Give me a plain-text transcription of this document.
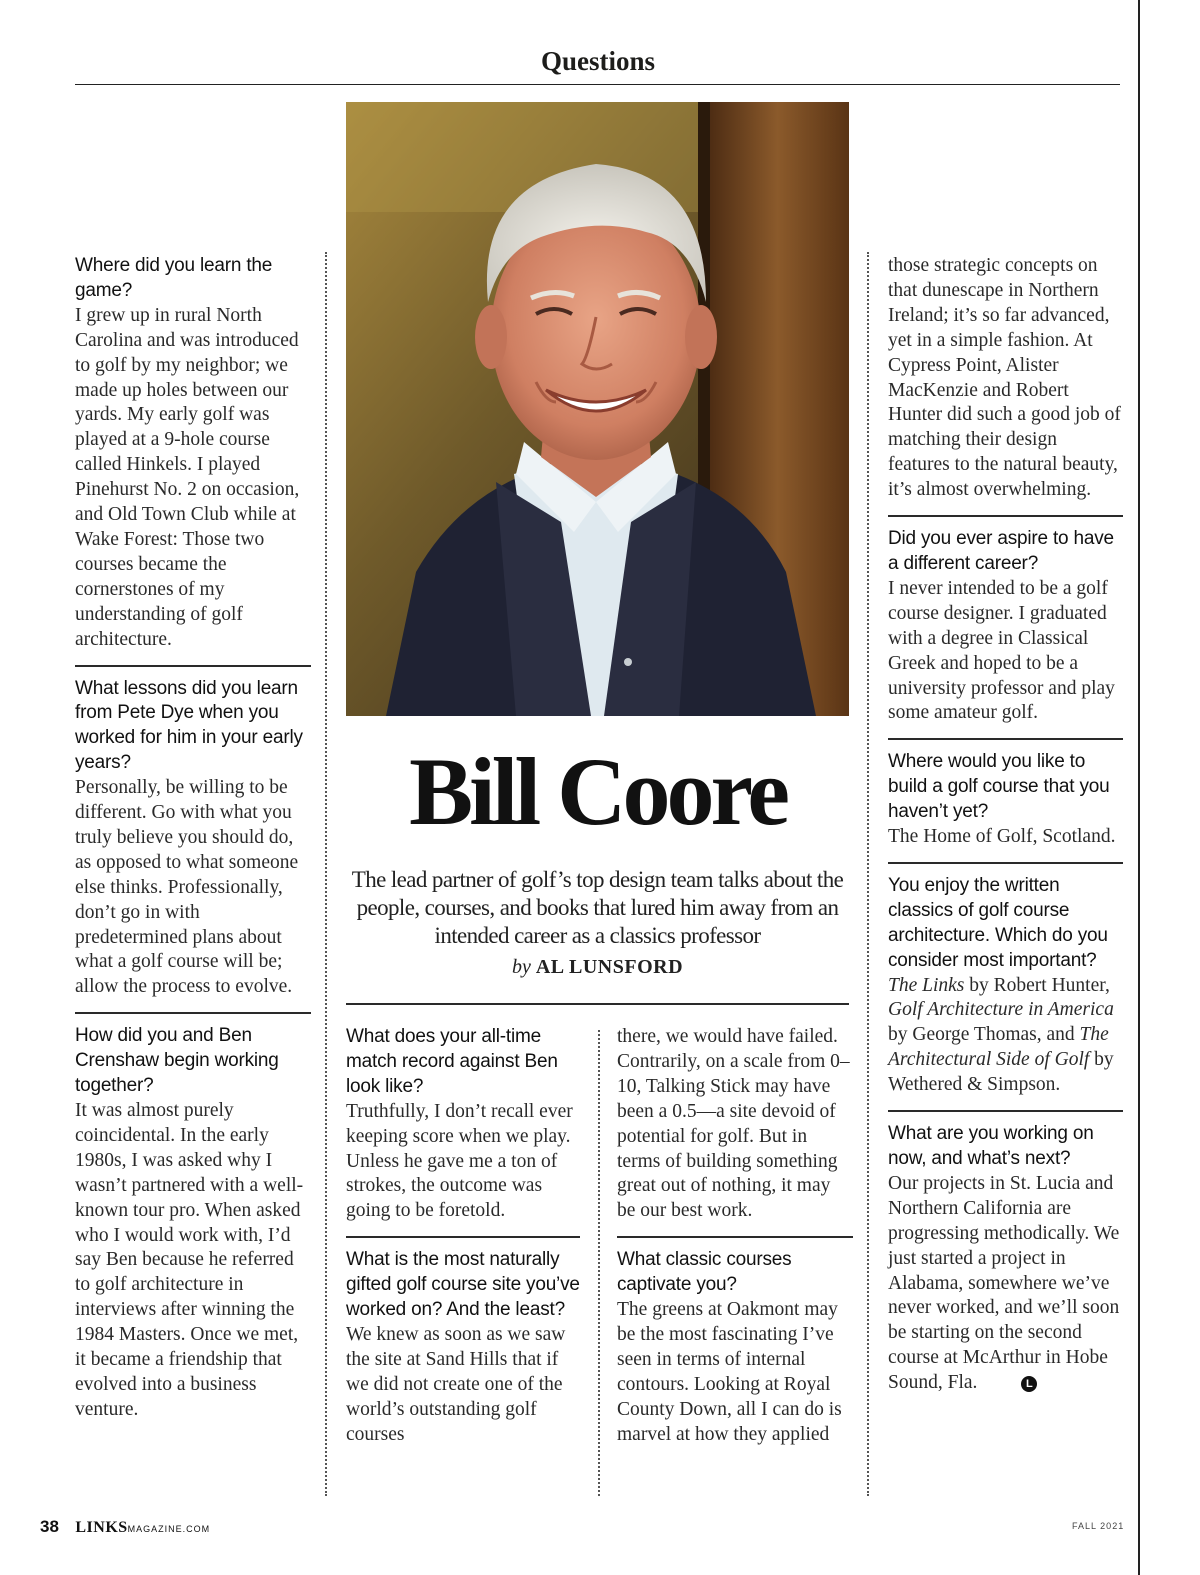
Questions
Where did you learn the game?

I grew up in rural North Carolina and was introduced to golf by my neighbor; we made up holes between our yards. My early golf was played at a 9-hole course called Hinkels. I played Pinehurst No. 2 on occasion, and Old Town Club while at Wake Forest: Those two courses became the cornerstones of my understanding of golf architecture.

What lessons did you learn from Pete Dye when you worked for him in your early years?

Personally, be willing to be different. Go with what you truly believe you should do, as opposed to what someone else thinks. Professionally, don’t go in with predetermined plans about what a golf course will be; allow the process to evolve.

How did you and Ben Crenshaw begin working together?

It was almost purely coincidental. In the early 1980s, I was asked why I wasn’t partnered with a well-known tour pro. When asked who I would work with, I’d say Ben because he referred to golf architecture in interviews after winning the 1984 Masters. Once we met, it became a friendship that evolved into a business venture.

Bill Coore
The lead partner of golf’s top design team talks about the people, courses, and books that lured him away from an intended career as a classics professor
by AL LUNSFORD
What does your all-time match record against Ben look like?

Truthfully, I don’t recall ever keeping score when we play. Unless he gave me a ton of strokes, the outcome was going to be foretold.

What is the most naturally gifted golf course site you’ve worked on? And the least?

We knew as soon as we saw the site at Sand Hills that if we did not create one of the world’s outstanding golf courses

there, we would have failed. Contrarily, on a scale from 0–10, Talking Stick may have been a 0.5—a site devoid of potential for golf. But in terms of building something great out of nothing, it may be our best work.

What classic courses captivate you?

The greens at Oakmont may be the most fascinating I’ve seen in terms of internal contours. Looking at Royal County Down, all I can do is marvel at how they applied

those strategic concepts on that dunescape in Northern Ireland; it’s so far advanced, yet in a simple fashion. At Cypress Point, Alister MacKenzie and Robert Hunter did such a good job of matching their design features to the natural beauty, it’s almost overwhelming.

Did you ever aspire to have a different career?

I never intended to be a golf course designer. I graduated with a degree in Classical Greek and hoped to be a university professor and play some amateur golf.

Where would you like to build a golf course that you haven’t yet?

The Home of Golf, Scotland.

You enjoy the written classics of golf course architecture. Which do you consider most important?

The Links by Robert Hunter, Golf Architecture in America by George Thomas, and The Architectural Side of Golf by Wethered & Simpson.

What are you working on now, and what’s next?

Our projects in St. Lucia and Northern California are progressing methodically. We just started a project in Alabama, somewhere we’ve never worked, and we’ll soon be starting on the second course at McArthur in Hobe Sound, Fla.	L

38 LINKSMAGAZINE.COM	FALL 2021
